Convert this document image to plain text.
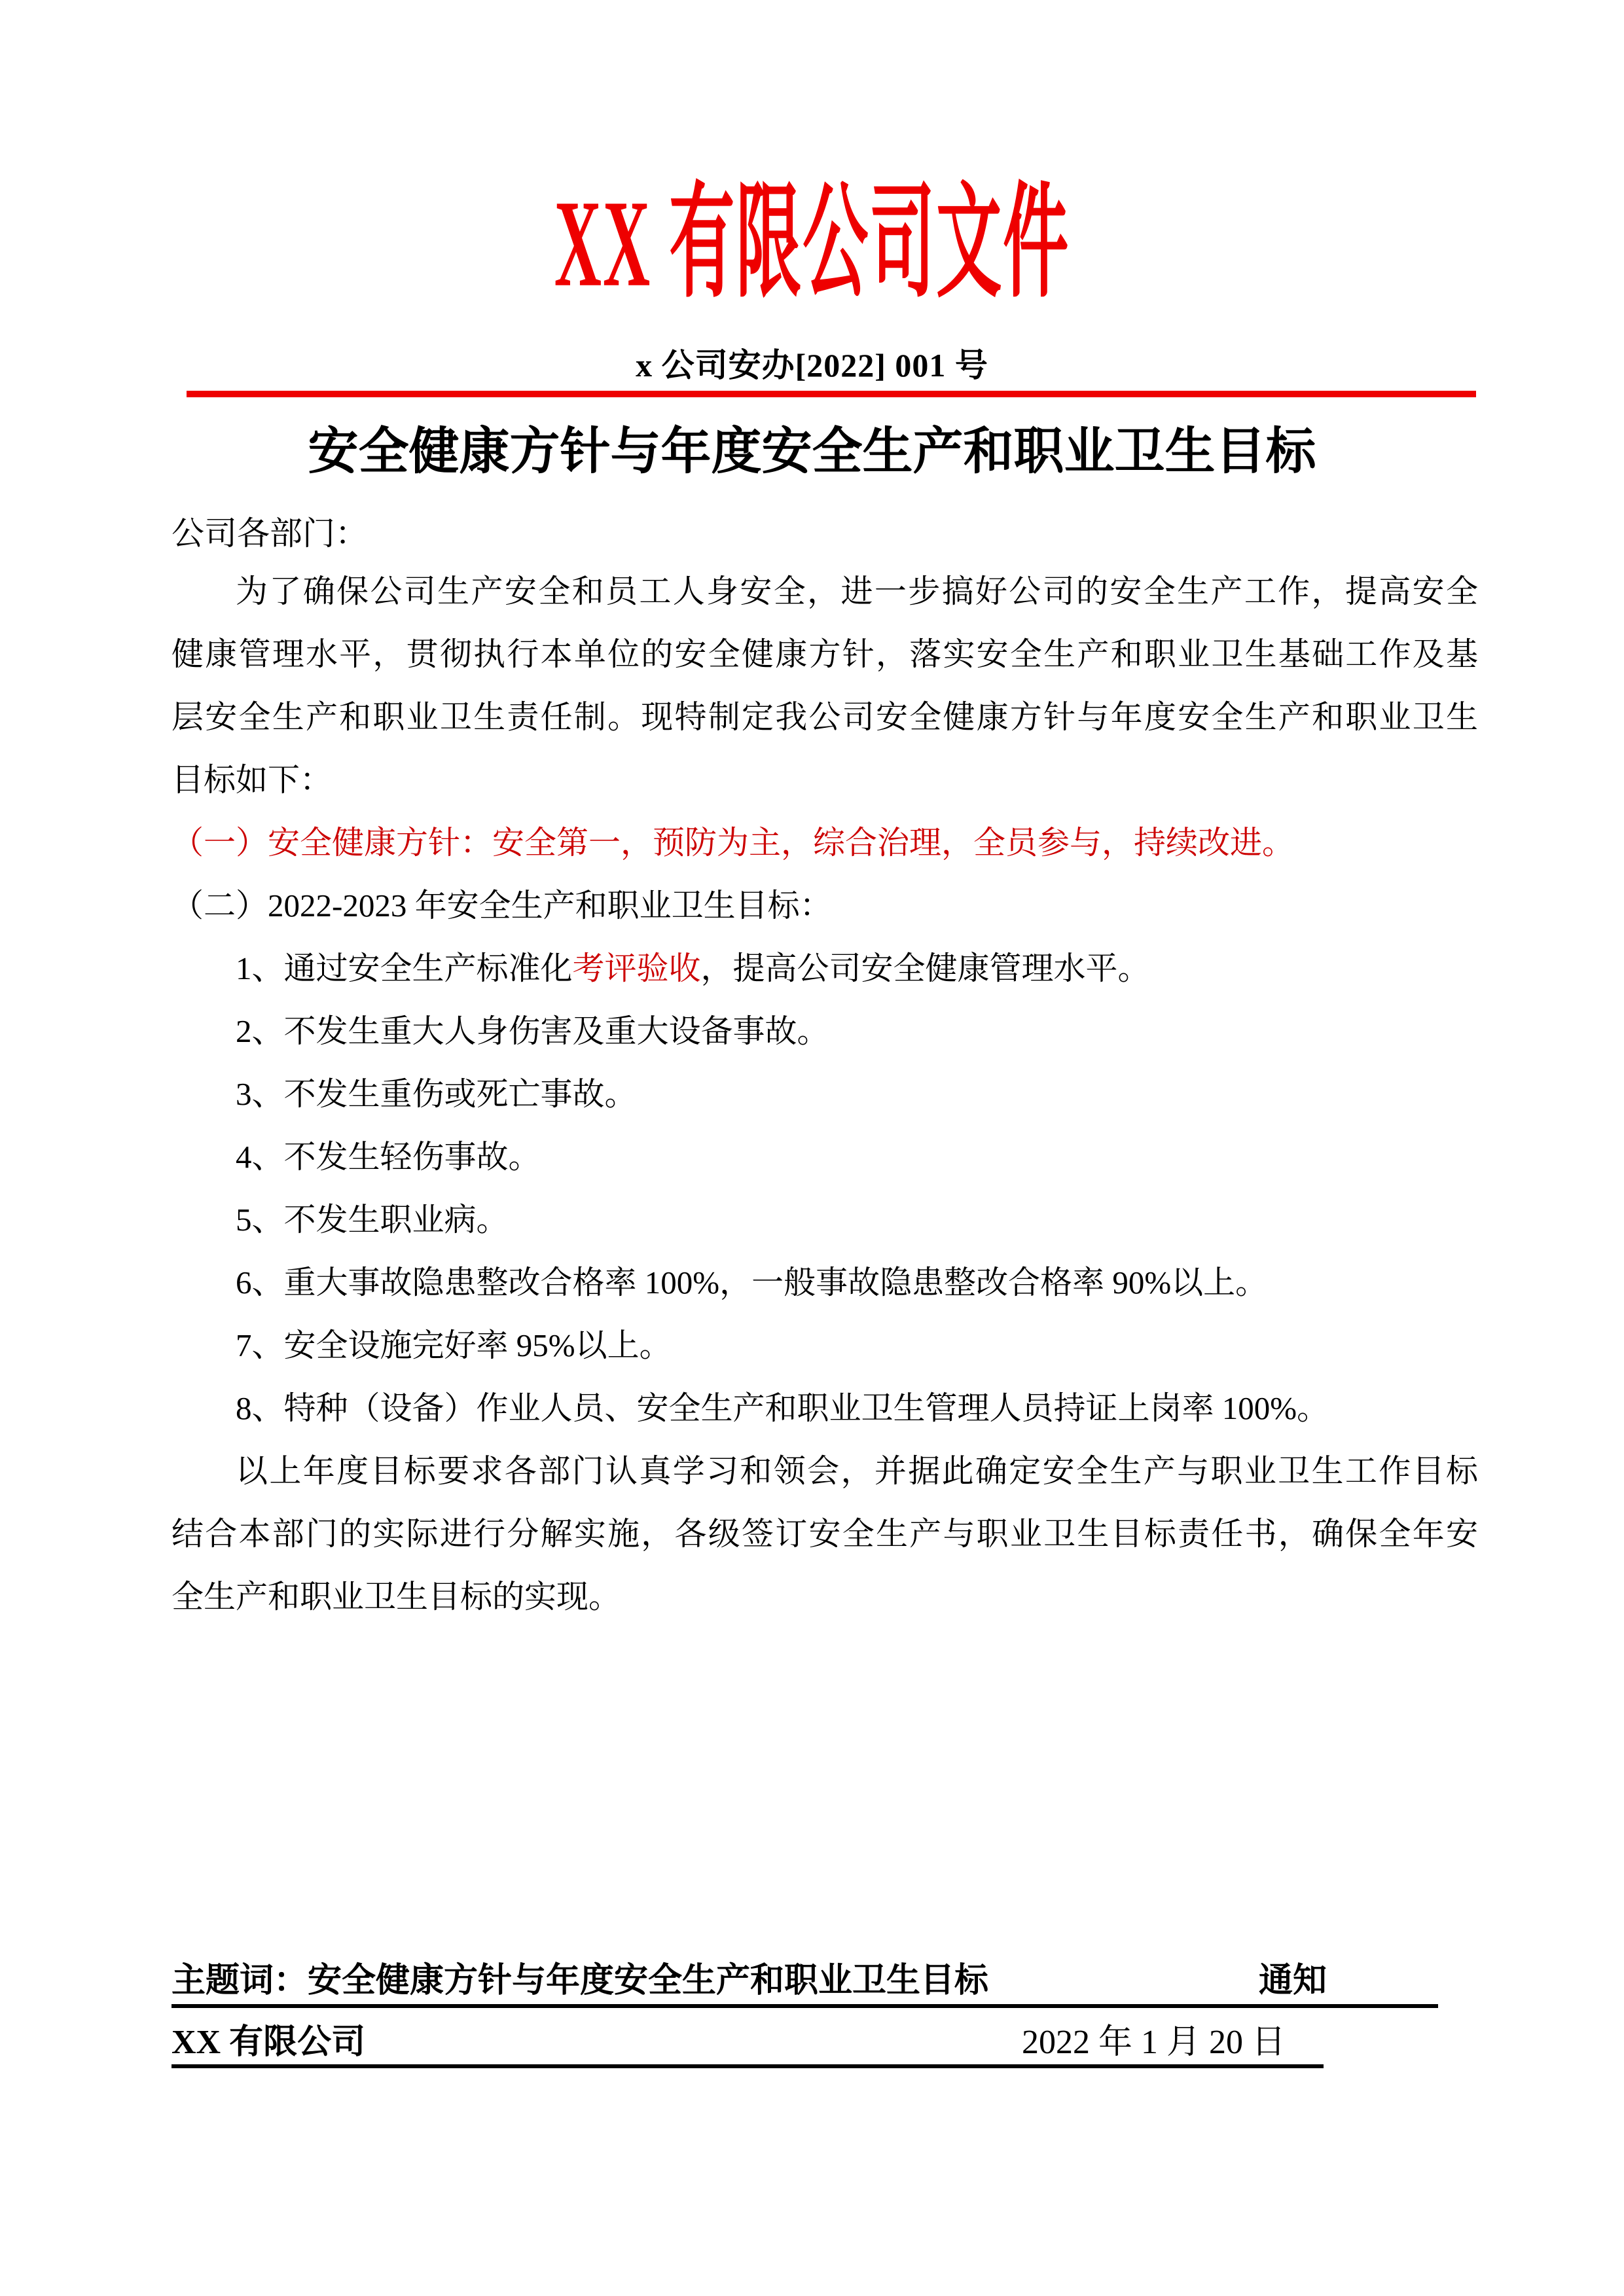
XX 有限公司文件
x 公司安办[2022] 001 号
安全健康方针与年度安全生产和职业卫生目标
公司各部门：
为了确保公司生产安全和员工人身安全，进一步搞好公司的安全生产工作，提高安全
健康管理水平，贯彻执行本单位的安全健康方针，落实安全生产和职业卫生基础工作及基
层安全生产和职业卫生责任制。现特制定我公司安全健康方针与年度安全生产和职业卫生
目标如下：
（一）安全健康方针：安全第一，预防为主，综合治理，全员参与，持续改进。
（二）2022-2023 年安全生产和职业卫生目标：
1、通过安全生产标准化考评验收，提高公司安全健康管理水平。
2、不发生重大人身伤害及重大设备事故。
3、不发生重伤或死亡事故。
4、不发生轻伤事故。
5、不发生职业病。
6、重大事故隐患整改合格率 100%，一般事故隐患整改合格率 90%以上。
7、安全设施完好率 95%以上。
8、特种（设备）作业人员、安全生产和职业卫生管理人员持证上岗率 100%。
以上年度目标要求各部门认真学习和领会，并据此确定安全生产与职业卫生工作目标
结合本部门的实际进行分解实施，各级签订安全生产与职业卫生目标责任书，确保全年安
全生产和职业卫生目标的实现。
主题词：安全健康方针与年度安全生产和职业卫生目标	通知
XX 有限公司	2022 年 1 月 20 日
